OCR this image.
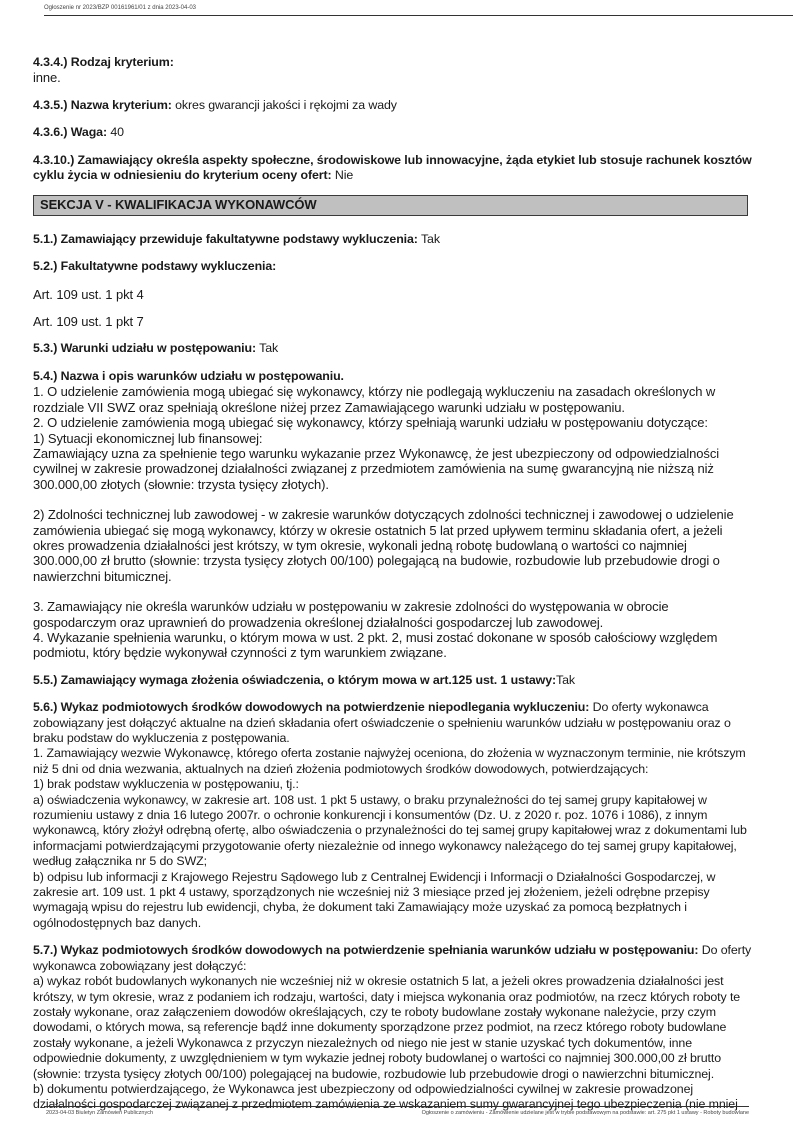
Ogłoszenie nr 2023/BZP 00161961/01 z dnia 2023-04-03
4.3.4.) Rodzaj kryterium:
inne.
4.3.5.) Nazwa kryterium: okres gwarancji jakości i rękojmi za wady
4.3.6.) Waga: 40
4.3.10.) Zamawiający określa aspekty społeczne, środowiskowe lub innowacyjne, żąda etykiet lub stosuje rachunek kosztów cyklu życia w odniesieniu do kryterium oceny ofert: Nie
SEKCJA V - KWALIFIKACJA WYKONAWCÓW
5.1.) Zamawiający przewiduje fakultatywne podstawy wykluczenia: Tak
5.2.) Fakultatywne podstawy wykluczenia:
Art. 109 ust. 1 pkt 4
Art. 109 ust. 1 pkt 7
5.3.) Warunki udziału w postępowaniu: Tak
5.4.) Nazwa i opis warunków udziału w postępowaniu.

1. O udzielenie zamówienia mogą ubiegać się wykonawcy, którzy nie podlegają wykluczeniu na zasadach określonych w rozdziale VII SWZ oraz spełniają określone niżej przez Zamawiającego warunki udziału w postępowaniu.

2. O udzielenie zamówienia mogą ubiegać się wykonawcy, którzy spełniają warunki udziału w postępowaniu dotyczące:

1) Sytuacji ekonomicznej lub finansowej:

Zamawiający uzna za spełnienie tego warunku wykazanie przez Wykonawcę, że jest ubezpieczony od odpowiedzialności cywilnej w zakresie prowadzonej działalności związanej z przedmiotem zamówienia na sumę gwarancyjną nie niższą niż 300.000,00 złotych (słownie: trzysta tysięcy złotych).

2) Zdolności technicznej lub zawodowej - w zakresie warunków dotyczących zdolności technicznej i zawodowej o udzielenie zamówienia ubiegać się mogą wykonawcy, którzy w okresie ostatnich 5 lat przed upływem terminu składania ofert, a jeżeli okres prowadzenia działalności jest krótszy, w tym okresie, wykonali jedną robotę budowlaną o wartości co najmniej 300.000,00 zł brutto (słownie: trzysta tysięcy złotych 00/100) polegającą na budowie, rozbudowie lub przebudowie drogi o nawierzchni bitumicznej.

3. Zamawiający nie określa warunków udziału w postępowaniu w zakresie zdolności do występowania w obrocie gospodarczym oraz uprawnień do prowadzenia określonej działalności gospodarczej lub zawodowej.

4. Wykazanie spełnienia warunku, o którym mowa w ust. 2 pkt. 2, musi zostać dokonane w sposób całościowy względem podmiotu, który będzie wykonywał czynności z tym warunkiem związane.

5.5.) Zamawiający wymaga złożenia oświadczenia, o którym mowa w art.125 ust. 1 ustawy:Tak
5.6.) Wykaz podmiotowych środków dowodowych na potwierdzenie niepodlegania wykluczeniu: Do oferty wykonawca zobowiązany jest dołączyć aktualne na dzień składania ofert oświadczenie o spełnieniu warunków udziału w postępowaniu oraz o braku podstaw do wykluczenia z postępowania.

1. Zamawiający wezwie Wykonawcę, którego oferta zostanie najwyżej oceniona, do złożenia w wyznaczonym terminie, nie krótszym niż 5 dni od dnia wezwania, aktualnych na dzień złożenia podmiotowych środków dowodowych, potwierdzających:

1) brak podstaw wykluczenia w postępowaniu, tj.:

a) oświadczenia wykonawcy, w zakresie art. 108 ust. 1 pkt 5 ustawy, o braku przynależności do tej samej grupy kapitałowej w rozumieniu ustawy z dnia 16 lutego 2007r. o ochronie konkurencji i konsumentów (Dz. U. z 2020 r. poz. 1076 i 1086), z innym wykonawcą, który złożył odrębną ofertę, albo oświadczenia o przynależności do tej samej grupy kapitałowej wraz z dokumentami lub informacjami potwierdzającymi przygotowanie oferty niezależnie od innego wykonawcy należącego do tej samej grupy kapitałowej, według załącznika nr 5 do SWZ;

b) odpisu lub informacji z Krajowego Rejestru Sądowego lub z Centralnej Ewidencji i Informacji o Działalności Gospodarczej, w zakresie art. 109 ust. 1 pkt 4 ustawy, sporządzonych nie wcześniej niż 3 miesiące przed jej złożeniem, jeżeli odrębne przepisy wymagają wpisu do rejestru lub ewidencji, chyba, że dokument taki Zamawiający może uzyskać za pomocą bezpłatnych i ogólnodostępnych baz danych.

5.7.) Wykaz podmiotowych środków dowodowych na potwierdzenie spełniania warunków udziału w postępowaniu: Do oferty wykonawca zobowiązany jest dołączyć:

a) wykaz robót budowlanych wykonanych nie wcześniej niż w okresie ostatnich 5 lat, a jeżeli okres prowadzenia działalności jest krótszy, w tym okresie, wraz z podaniem ich rodzaju, wartości, daty i miejsca wykonania oraz podmiotów, na rzecz których roboty te zostały wykonane, oraz załączeniem dowodów określających, czy te roboty budowlane zostały wykonane należycie, przy czym dowodami, o których mowa, są referencje bądź inne dokumenty sporządzone przez podmiot, na rzecz którego roboty budowlane zostały wykonane, a jeżeli Wykonawca z przyczyn niezależnych od niego nie jest w stanie uzyskać tych dokumentów, inne odpowiednie dokumenty, z uwzględnieniem w tym wykazie jednej roboty budowlanej o wartości co najmniej 300.000,00 zł brutto (słownie: trzysta tysięcy złotych 00/100) polegającej na budowie, rozbudowie lub przebudowie drogi o nawierzchni bitumicznej.

b) dokumentu potwierdzającego, że Wykonawca jest ubezpieczony od odpowiedzialności cywilnej w zakresie prowadzonej działalności gospodarczej związanej z przedmiotem zamówienia ze wskazaniem sumy gwarancyjnej tego ubezpieczenia (nie mniej

2023-04-03 Biuletyn Zamówień Publicznych	Ogłoszenie o zamówieniu - Zamówienie udzielane jest w trybie podstawowym na podstawie: art. 275 pkt 1 ustawy - Roboty budowlane
